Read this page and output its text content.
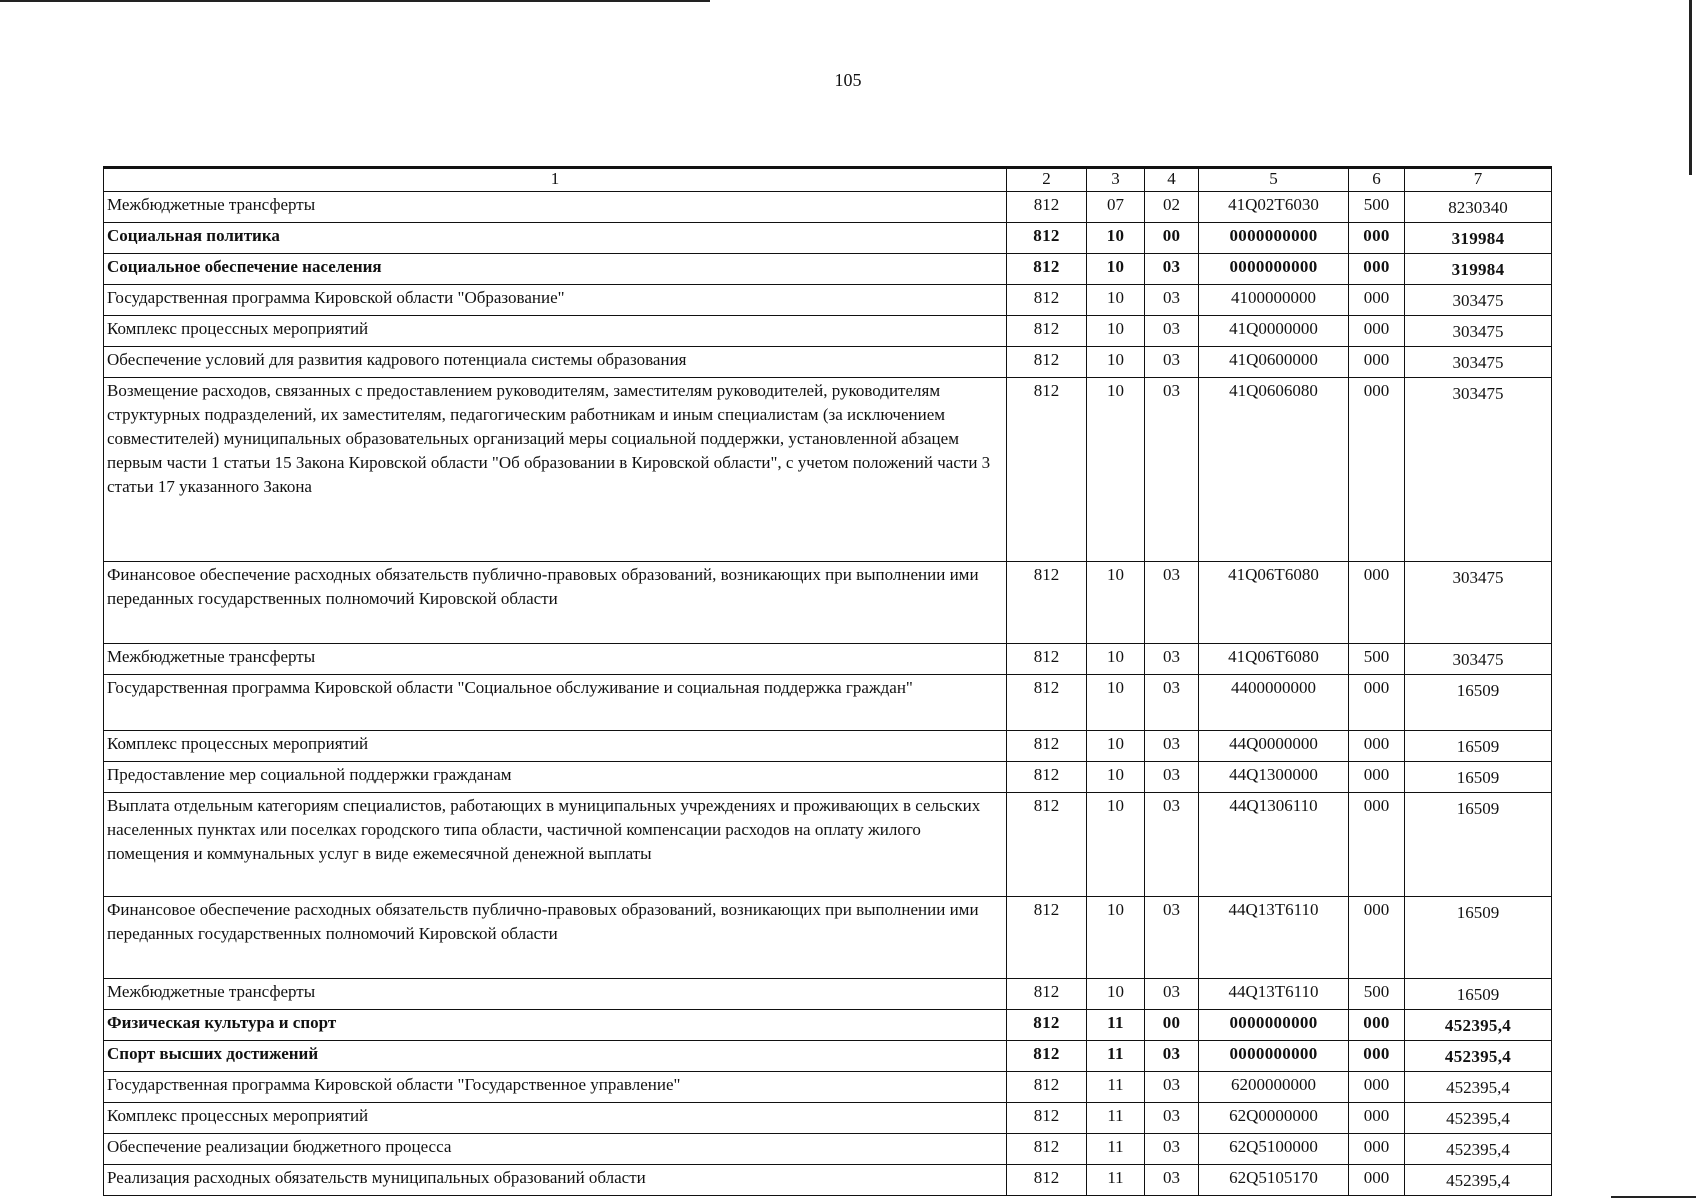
105
1	2	3	4	5	6	7
Межбюджетные трансферты	812	07	02	41Q02T6030	500	8230340
Социальная политика	812	10	00	0000000000	000	319984
Социальное обеспечение населения	812	10	03	0000000000	000	319984
Государственная программа Кировской области "Образование"	812	10	03	4100000000	000	303475
Комплекс процессных мероприятий	812	10	03	41Q0000000	000	303475
Обеспечение условий для развития кадрового потенциала системы образования	812	10	03	41Q0600000	000	303475
Возмещение расходов, связанных с предоставлением руководителям, заместителям руководителей, руководителям структурных подразделений, их заместителям, педагогическим работникам и иным специалистам (за исключением совместителей) муниципальных образовательных организаций меры социальной поддержки, установленной абзацем первым части 1 статьи 15 Закона Кировской области "Об образовании в Кировской области", с учетом положений части 3 статьи 17 указанного Закона	812	10	03	41Q0606080	000	303475
Финансовое обеспечение расходных обязательств публично-правовых образований, возникающих при выполнении ими переданных государственных полномочий Кировской области	812	10	03	41Q06T6080	000	303475
Межбюджетные трансферты	812	10	03	41Q06T6080	500	303475
Государственная программа Кировской области "Социальное обслуживание и социальная поддержка граждан"	812	10	03	4400000000	000	16509
Комплекс процессных мероприятий	812	10	03	44Q0000000	000	16509
Предоставление мер социальной поддержки гражданам	812	10	03	44Q1300000	000	16509
Выплата отдельным категориям специалистов, работающих в муниципальных учреждениях и проживающих в сельских населенных пунктах или поселках городского типа области, частичной компенсации расходов на оплату жилого помещения и коммунальных услуг в виде ежемесячной денежной выплаты	812	10	03	44Q1306110	000	16509
Финансовое обеспечение расходных обязательств публично-правовых образований, возникающих при выполнении ими переданных государственных полномочий Кировской области	812	10	03	44Q13T6110	000	16509
Межбюджетные трансферты	812	10	03	44Q13T6110	500	16509
Физическая культура и спорт	812	11	00	0000000000	000	452395,4
Спорт высших достижений	812	11	03	0000000000	000	452395,4
Государственная программа Кировской области "Государственное управление"	812	11	03	6200000000	000	452395,4
Комплекс процессных мероприятий	812	11	03	62Q0000000	000	452395,4
Обеспечение реализации бюджетного процесса	812	11	03	62Q5100000	000	452395,4
Реализация расходных обязательств муниципальных образований области	812	11	03	62Q5105170	000	452395,4
